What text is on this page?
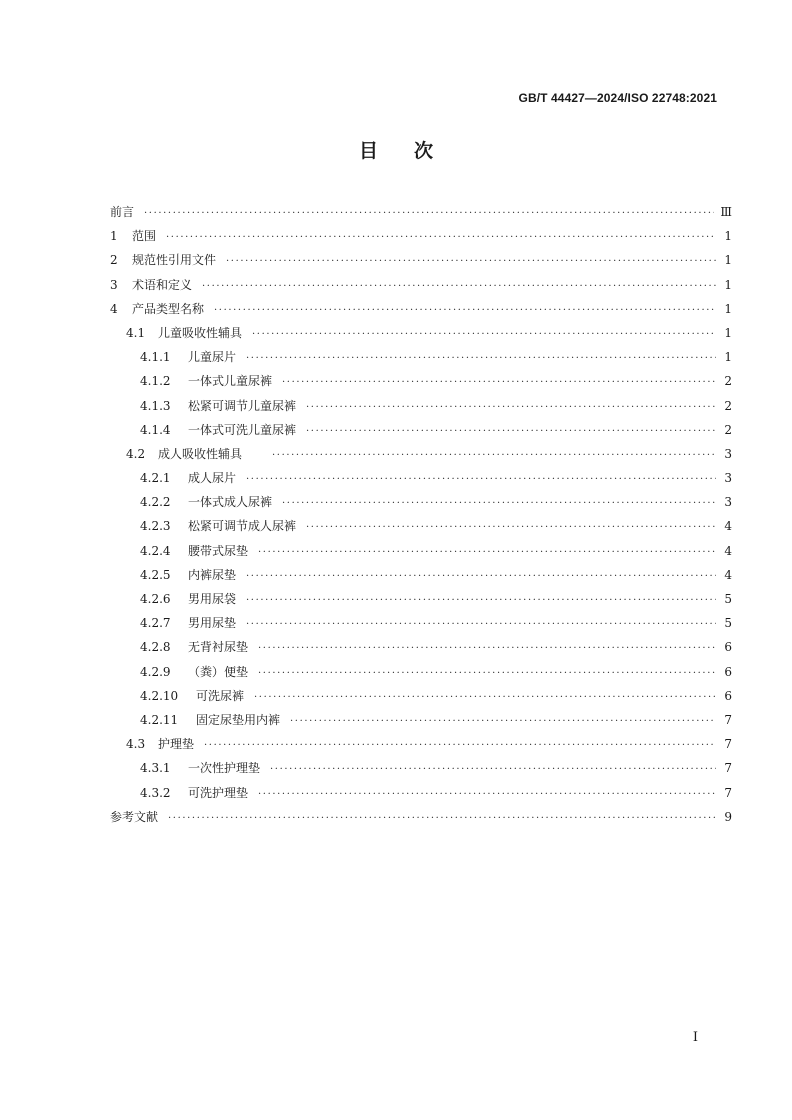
GB/T 44427—2024/ISO 22748:2021
目 次
前言 ·····	Ⅲ
1	范围 ·····	1
2	规范性引用文件 ·····	1
3	术语和定义 ·····	1
4	产品类型名称 ·····	1
4.1	儿童吸收性辅具 ·····	1
4.1.1	儿童尿片 ·····	1
4.1.2	一体式儿童尿裤 ·····	2
4.1.3	松紧可调节儿童尿裤 ·····	2
4.1.4	一体式可洗儿童尿裤 ·····	2
4.2	成人吸收性辅具 ·····	3
4.2.1	成人尿片 ·····	3
4.2.2	一体式成人尿裤 ·····	3
4.2.3	松紧可调节成人尿裤 ·····	4
4.2.4	腰带式尿垫 ·····	4
4.2.5	内裤尿垫 ·····	4
4.2.6	男用尿袋 ·····	5
4.2.7	男用尿垫 ·····	5
4.2.8	无背衬尿垫 ·····	6
4.2.9	（粪）便垫 ·····	6
4.2.10	可洗尿裤 ·····	6
4.2.11	固定尿垫用内裤 ·····	7
4.3	护理垫 ·····	7
4.3.1	一次性护理垫 ·····	7
4.3.2	可洗护理垫 ·····	7
参考文献 ·····	9
I
